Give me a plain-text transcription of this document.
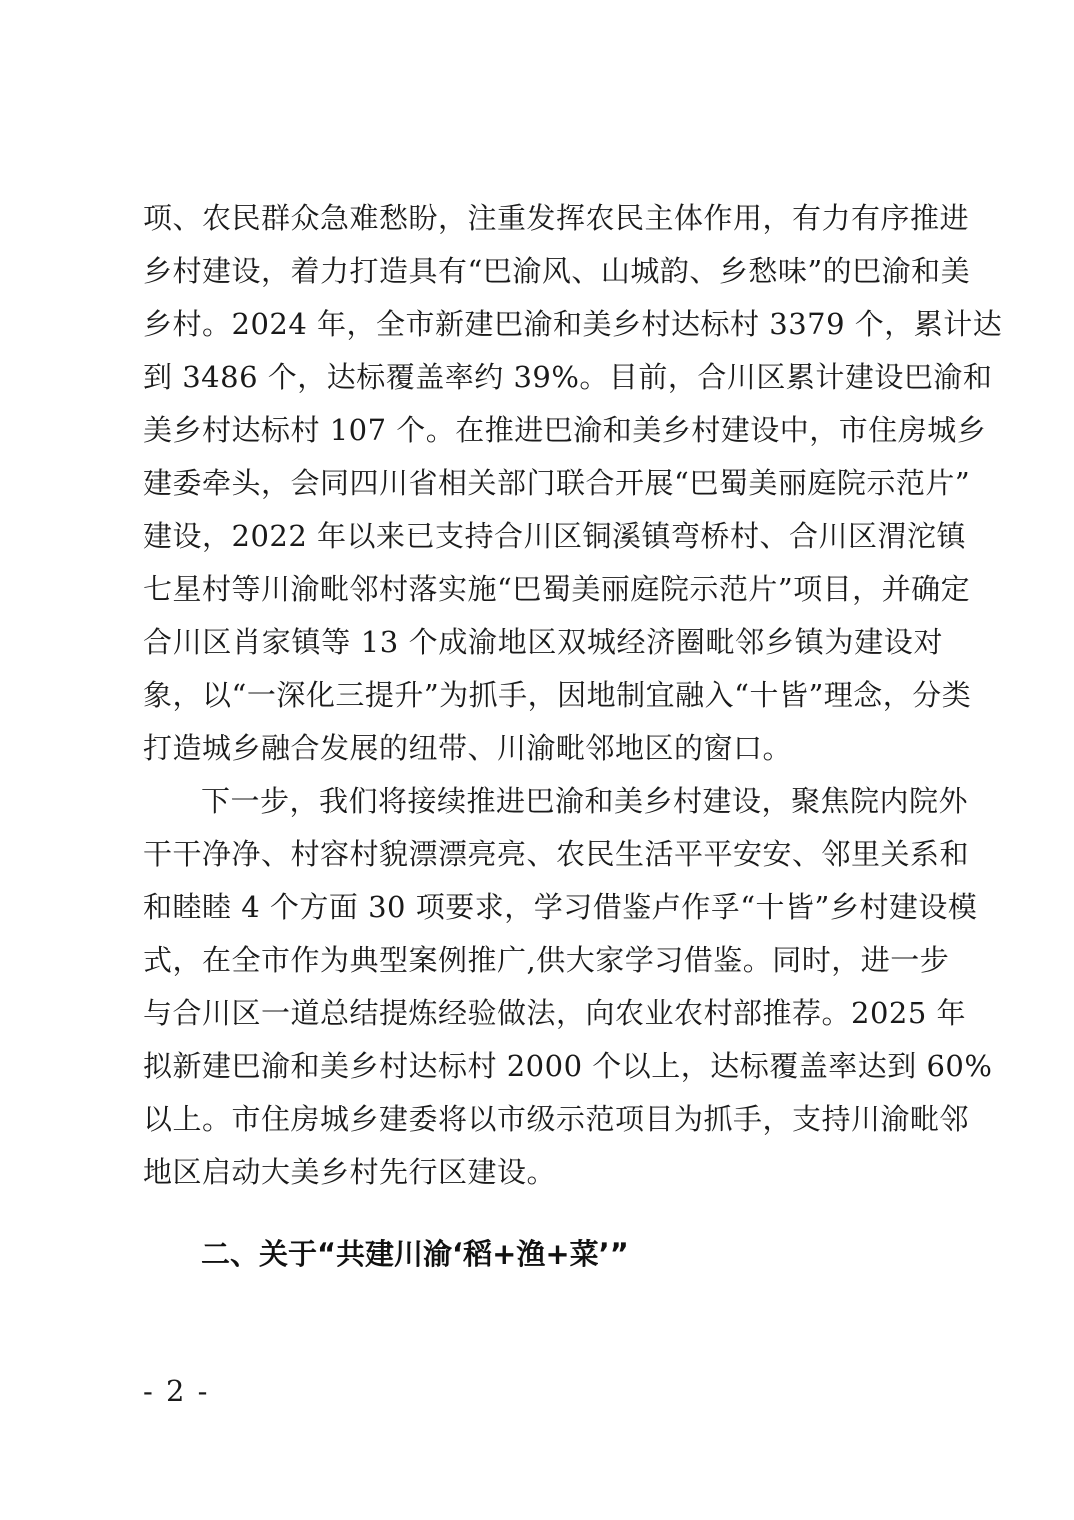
项、农民群众急难愁盼，注重发挥农民主体作用，有力有序推进
乡村建设，着力打造具有“巴渝风、山城韵、乡愁味”的巴渝和美
乡村。2024 年，全市新建巴渝和美乡村达标村 3379 个，累计达
到 3486 个，达标覆盖率约 39%。目前，合川区累计建设巴渝和
美乡村达标村 107 个。在推进巴渝和美乡村建设中，市住房城乡
建委牵头，会同四川省相关部门联合开展“巴蜀美丽庭院示范片”
建设，2022 年以来已支持合川区铜溪镇弯桥村、合川区渭沱镇
七星村等川渝毗邻村落实施“巴蜀美丽庭院示范片”项目，并确定
合川区肖家镇等 13 个成渝地区双城经济圈毗邻乡镇为建设对
象，以“一深化三提升”为抓手，因地制宜融入“十皆”理念，分类
打造城乡融合发展的纽带、川渝毗邻地区的窗口。
下一步，我们将接续推进巴渝和美乡村建设，聚焦院内院外
干干净净、村容村貌漂漂亮亮、农民生活平平安安、邻里关系和
和睦睦 4 个方面 30 项要求，学习借鉴卢作孚“十皆”乡村建设模
式，在全市作为典型案例推广,供大家学习借鉴。同时，进一步
与合川区一道总结提炼经验做法，向农业农村部推荐。2025 年
拟新建巴渝和美乡村达标村 2000 个以上，达标覆盖率达到 60%
以上。市住房城乡建委将以市级示范项目为抓手，支持川渝毗邻
地区启动大美乡村先行区建设。
二、关于“共建川渝‘稻+渔+菜’”
- 2 -
